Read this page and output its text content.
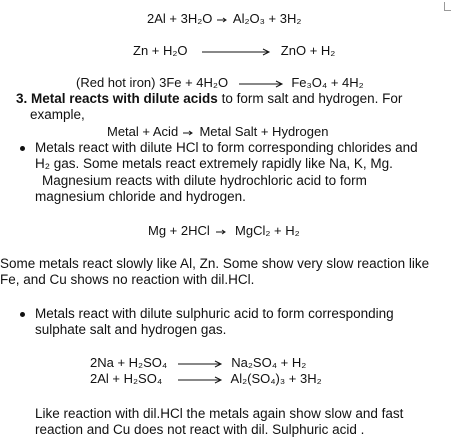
2Al + 3H₂O Al₂O₃ + 3H₂
Zn + H₂O	ZnO + H₂
(Red hot iron) 3Fe + 4H₂O	Fe₃O₄ + 4H₂
3. Metal reacts with dilute acids to form salt and hydrogen. For
example,
Metal + Acid Metal Salt + Hydrogen
Metals react with dilute HCl to form corresponding chlorides and
H₂ gas. Some metals react extremely rapidly like Na, K, Mg.
Magnesium reacts with dilute hydrochloric acid to form
magnesium chloride and hydrogen.
Mg + 2HCl MgCl₂ + H₂
Some metals react slowly like Al, Zn. Some show very slow reaction like
Fe, and Cu shows no reaction with dil.HCl.
Metals react with dilute sulphuric acid to form corresponding
sulphate salt and hydrogen gas.
2Na + H₂SO₄	Na₂SO₄ + H₂
2Al + H₂SO₄	Al₂(SO₄)₃ + 3H₂
Like reaction with dil.HCl the metals again show slow and fast
reaction and Cu does not react with dil. Sulphuric acid .
